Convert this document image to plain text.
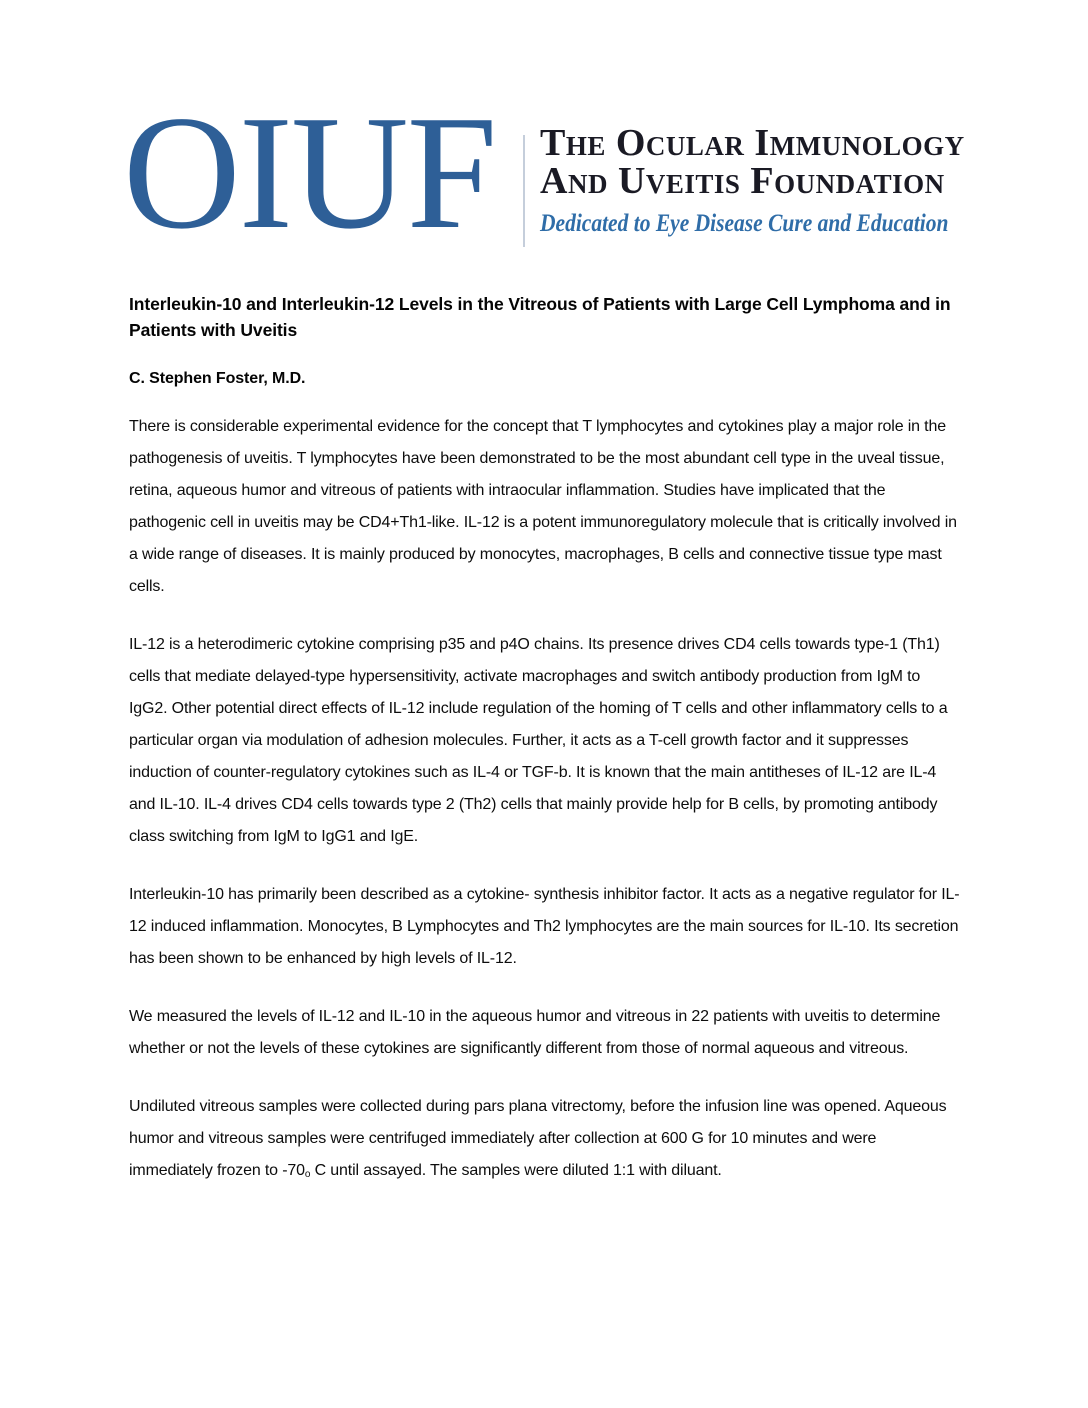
OIUF The Ocular Immunology
And Uveitis Foundation
Dedicated to Eye Disease Cure and Education
Interleukin-10 and Interleukin-12 Levels in the Vitreous of Patients with Large Cell Lymphoma and in Patients with Uveitis
C. Stephen Foster, M.D.

There is considerable experimental evidence for the concept that T lymphocytes and cytokines play a major role in the pathogenesis of uveitis. T lymphocytes have been demonstrated to be the most abundant cell type in the uveal tissue, retina, aqueous humor and vitreous of patients with intraocular inflammation. Studies have implicated that the pathogenic cell in uveitis may be CD4+Th1-like. IL-12 is a potent immunoregulatory molecule that is critically involved in a wide range of diseases. It is mainly produced by monocytes, macrophages, B cells and connective tissue type mast cells.

IL-12 is a heterodimeric cytokine comprising p35 and p4O chains. Its presence drives CD4 cells towards type-1 (Th1) cells that mediate delayed-type hypersensitivity, activate macrophages and switch antibody production from IgM to IgG2. Other potential direct effects of IL-12 include regulation of the homing of T cells and other inflammatory cells to a particular organ via modulation of adhesion molecules. Further, it acts as a T-cell growth factor and it suppresses induction of counter-regulatory cytokines such as IL-4 or TGF-b. It is known that the main antitheses of IL-12 are IL-4 and IL-10. IL-4 drives CD4 cells towards type 2 (Th2) cells that mainly provide help for B cells, by promoting antibody class switching from IgM to IgG1 and IgE.

Interleukin-10 has primarily been described as a cytokine- synthesis inhibitor factor. It acts as a negative regulator for IL-12 induced inflammation. Monocytes, B Lymphocytes and Th2 lymphocytes are the main sources for IL-10. Its secretion has been shown to be enhanced by high levels of IL-12.

We measured the levels of IL-12 and IL-10 in the aqueous humor and vitreous in 22 patients with uveitis to determine whether or not the levels of these cytokines are significantly different from those of normal aqueous and vitreous.

Undiluted vitreous samples were collected during pars plana vitrectomy, before the infusion line was opened. Aqueous humor and vitreous samples were centrifuged immediately after collection at 600 G for 10 minutes and were immediately frozen to -70o C until assayed. The samples were diluted 1:1 with diluant.
